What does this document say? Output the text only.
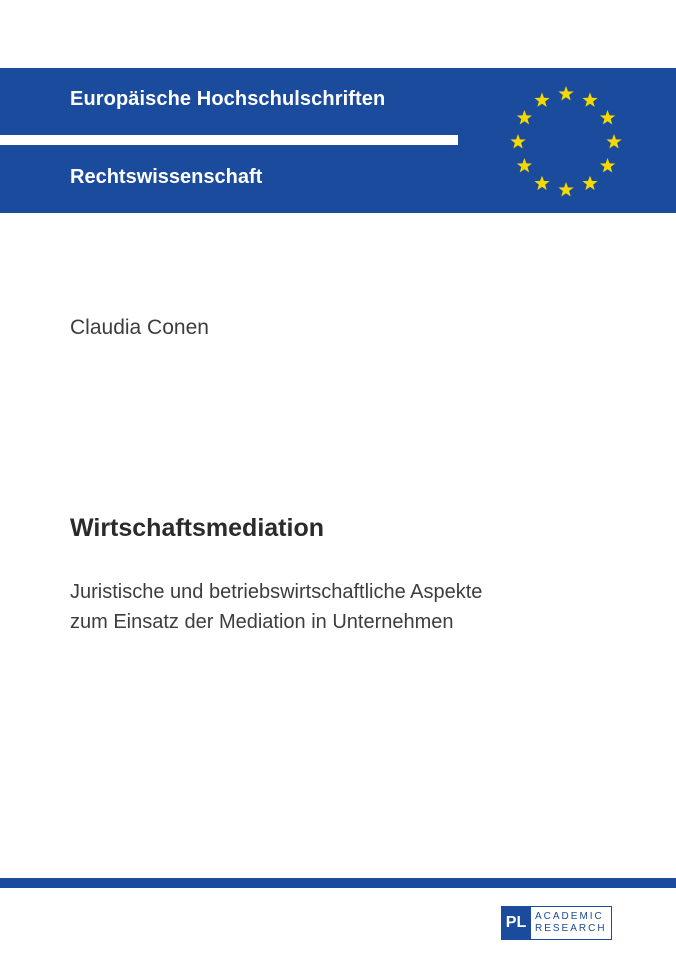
Europäische Hochschulschriften
Rechtswissenschaft
Claudia Conen
Wirtschaftsmediation
Juristische und betriebswirtschaftliche Aspekte
zum Einsatz der Mediation in Unternehmen
PL ACADEMIC
RESEARCH
